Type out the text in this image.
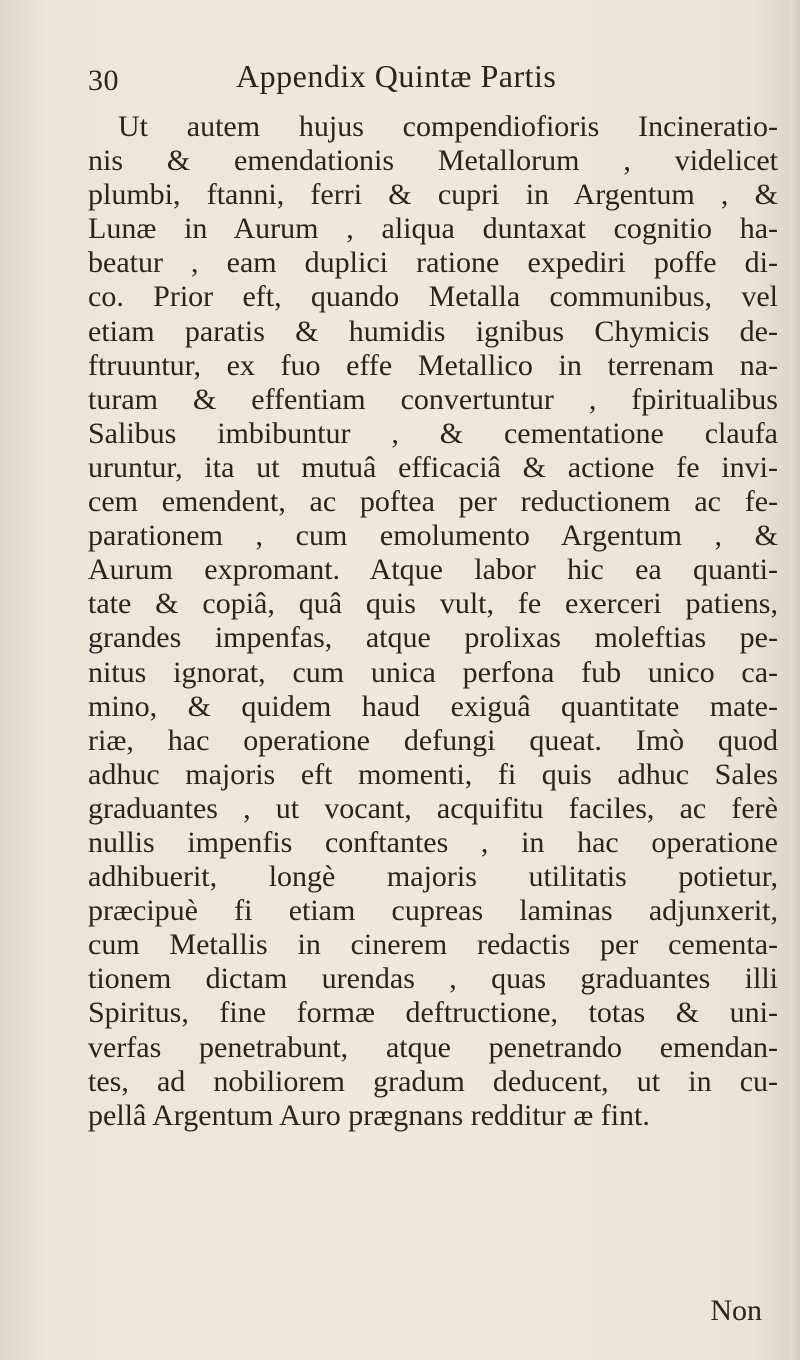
30	Appendix Quintæ Partis
Ut autem hujus compendiofioris Incineratio-
nis & emendationis Metallorum , videlicet
plumbi, ftanni, ferri & cupri in Argentum , &
Lunæ in Aurum , aliqua duntaxat cognitio ha-
beatur , eam duplici ratione expediri poffe di-
co. Prior eft, quando Metalla communibus, vel
etiam paratis & humidis ignibus Chymicis de-
ftruuntur, ex fuo effe Metallico in terrenam na-
turam & effentiam convertuntur , fpiritualibus
Salibus imbibuntur , & cementatione claufa
uruntur, ita ut mutuâ efficaciâ & actione fe invi-
cem emendent, ac poftea per reductionem ac fe-
parationem , cum emolumento Argentum , &
Aurum expromant. Atque labor hic ea quanti-
tate & copiâ, quâ quis vult, fe exerceri patiens,
grandes impenfas, atque prolixas moleftias pe-
nitus ignorat, cum unica perfona fub unico ca-
mino, & quidem haud exiguâ quantitate mate-
riæ, hac operatione defungi queat. Imò quod
adhuc majoris eft momenti, fi quis adhuc Sales
graduantes , ut vocant, acquifitu faciles, ac ferè
nullis impenfis conftantes , in hac operatione
adhibuerit, longè majoris utilitatis potietur,
præcipuè fi etiam cupreas laminas adjunxerit,
cum Metallis in cinerem redactis per cementa-
tionem dictam urendas , quas graduantes illi
Spiritus, fine formæ deftructione, totas & uni-
verfas penetrabunt, atque penetrando emendan-
tes, ad nobiliorem gradum deducent, ut in cu-
pellâ Argentum Auro prægnans redditur æ fint.
Non
